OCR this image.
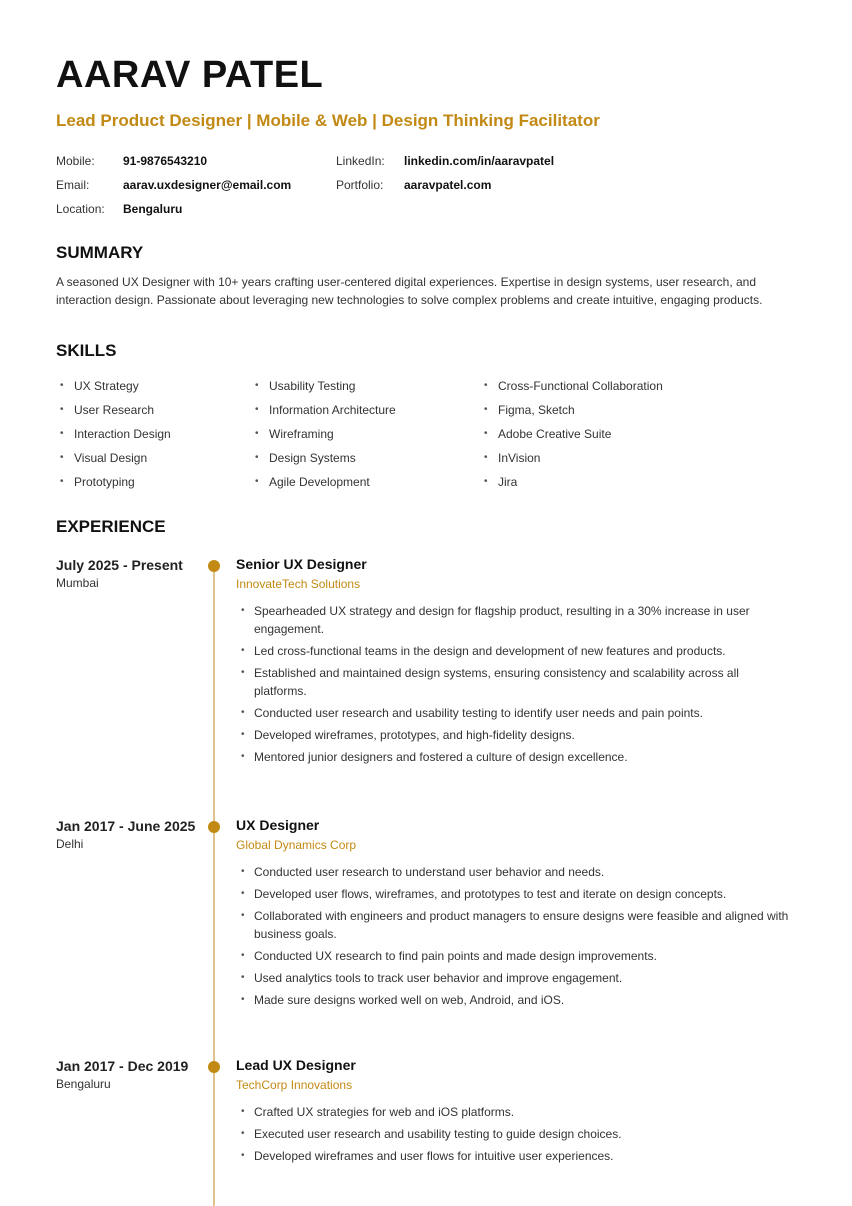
AARAV PATEL
Lead Product Designer | Mobile & Web | Design Thinking Facilitator
Mobile: 91-9876543210
Email:	aarav.uxdesigner@email.com
Location: Bengaluru
LinkedIn: linkedin.com/in/aaravpatel
Portfolio: aaravpatel.com
SUMMARY

A seasoned UX Designer with 10+ years crafting user-centered digital experiences. Expertise in design systems, user research, and interaction design. Passionate about leveraging new technologies to solve complex problems and create intuitive, engaging products.

SKILLS
• UX Strategy
• User Research
• Interaction Design
• Visual Design
• Prototyping
• Usability Testing
• Information Architecture
• Wireframing
• Design Systems
• Agile Development
• Cross-Functional Collaboration
• Figma, Sketch
• Adobe Creative Suite
• InVision
• Jira
EXPERIENCE
July 2025 - Present
Mumbai
Senior UX Designer
InnovateTech Solutions
• Spearheaded UX strategy and design for flagship product, resulting in a 30% increase in user engagement.
• Led cross-functional teams in the design and development of new features and products.
• Established and maintained design systems, ensuring consistency and scalability across all platforms.
• Conducted user research and usability testing to identify user needs and pain points.
• Developed wireframes, prototypes, and high-fidelity designs.
• Mentored junior designers and fostered a culture of design excellence.
Jan 2017 - June 2025
Delhi
UX Designer
Global Dynamics Corp
• Conducted user research to understand user behavior and needs.
• Developed user flows, wireframes, and prototypes to test and iterate on design concepts.
• Collaborated with engineers and product managers to ensure designs were feasible and aligned with business goals.
• Conducted UX research to find pain points and made design improvements.
• Used analytics tools to track user behavior and improve engagement.
• Made sure designs worked well on web, Android, and iOS.
Jan 2017 - Dec 2019
Bengaluru
Lead UX Designer
TechCorp Innovations
• Crafted UX strategies for web and iOS platforms.
• Executed user research and usability testing to guide design choices.
• Developed wireframes and user flows for intuitive user experiences.
